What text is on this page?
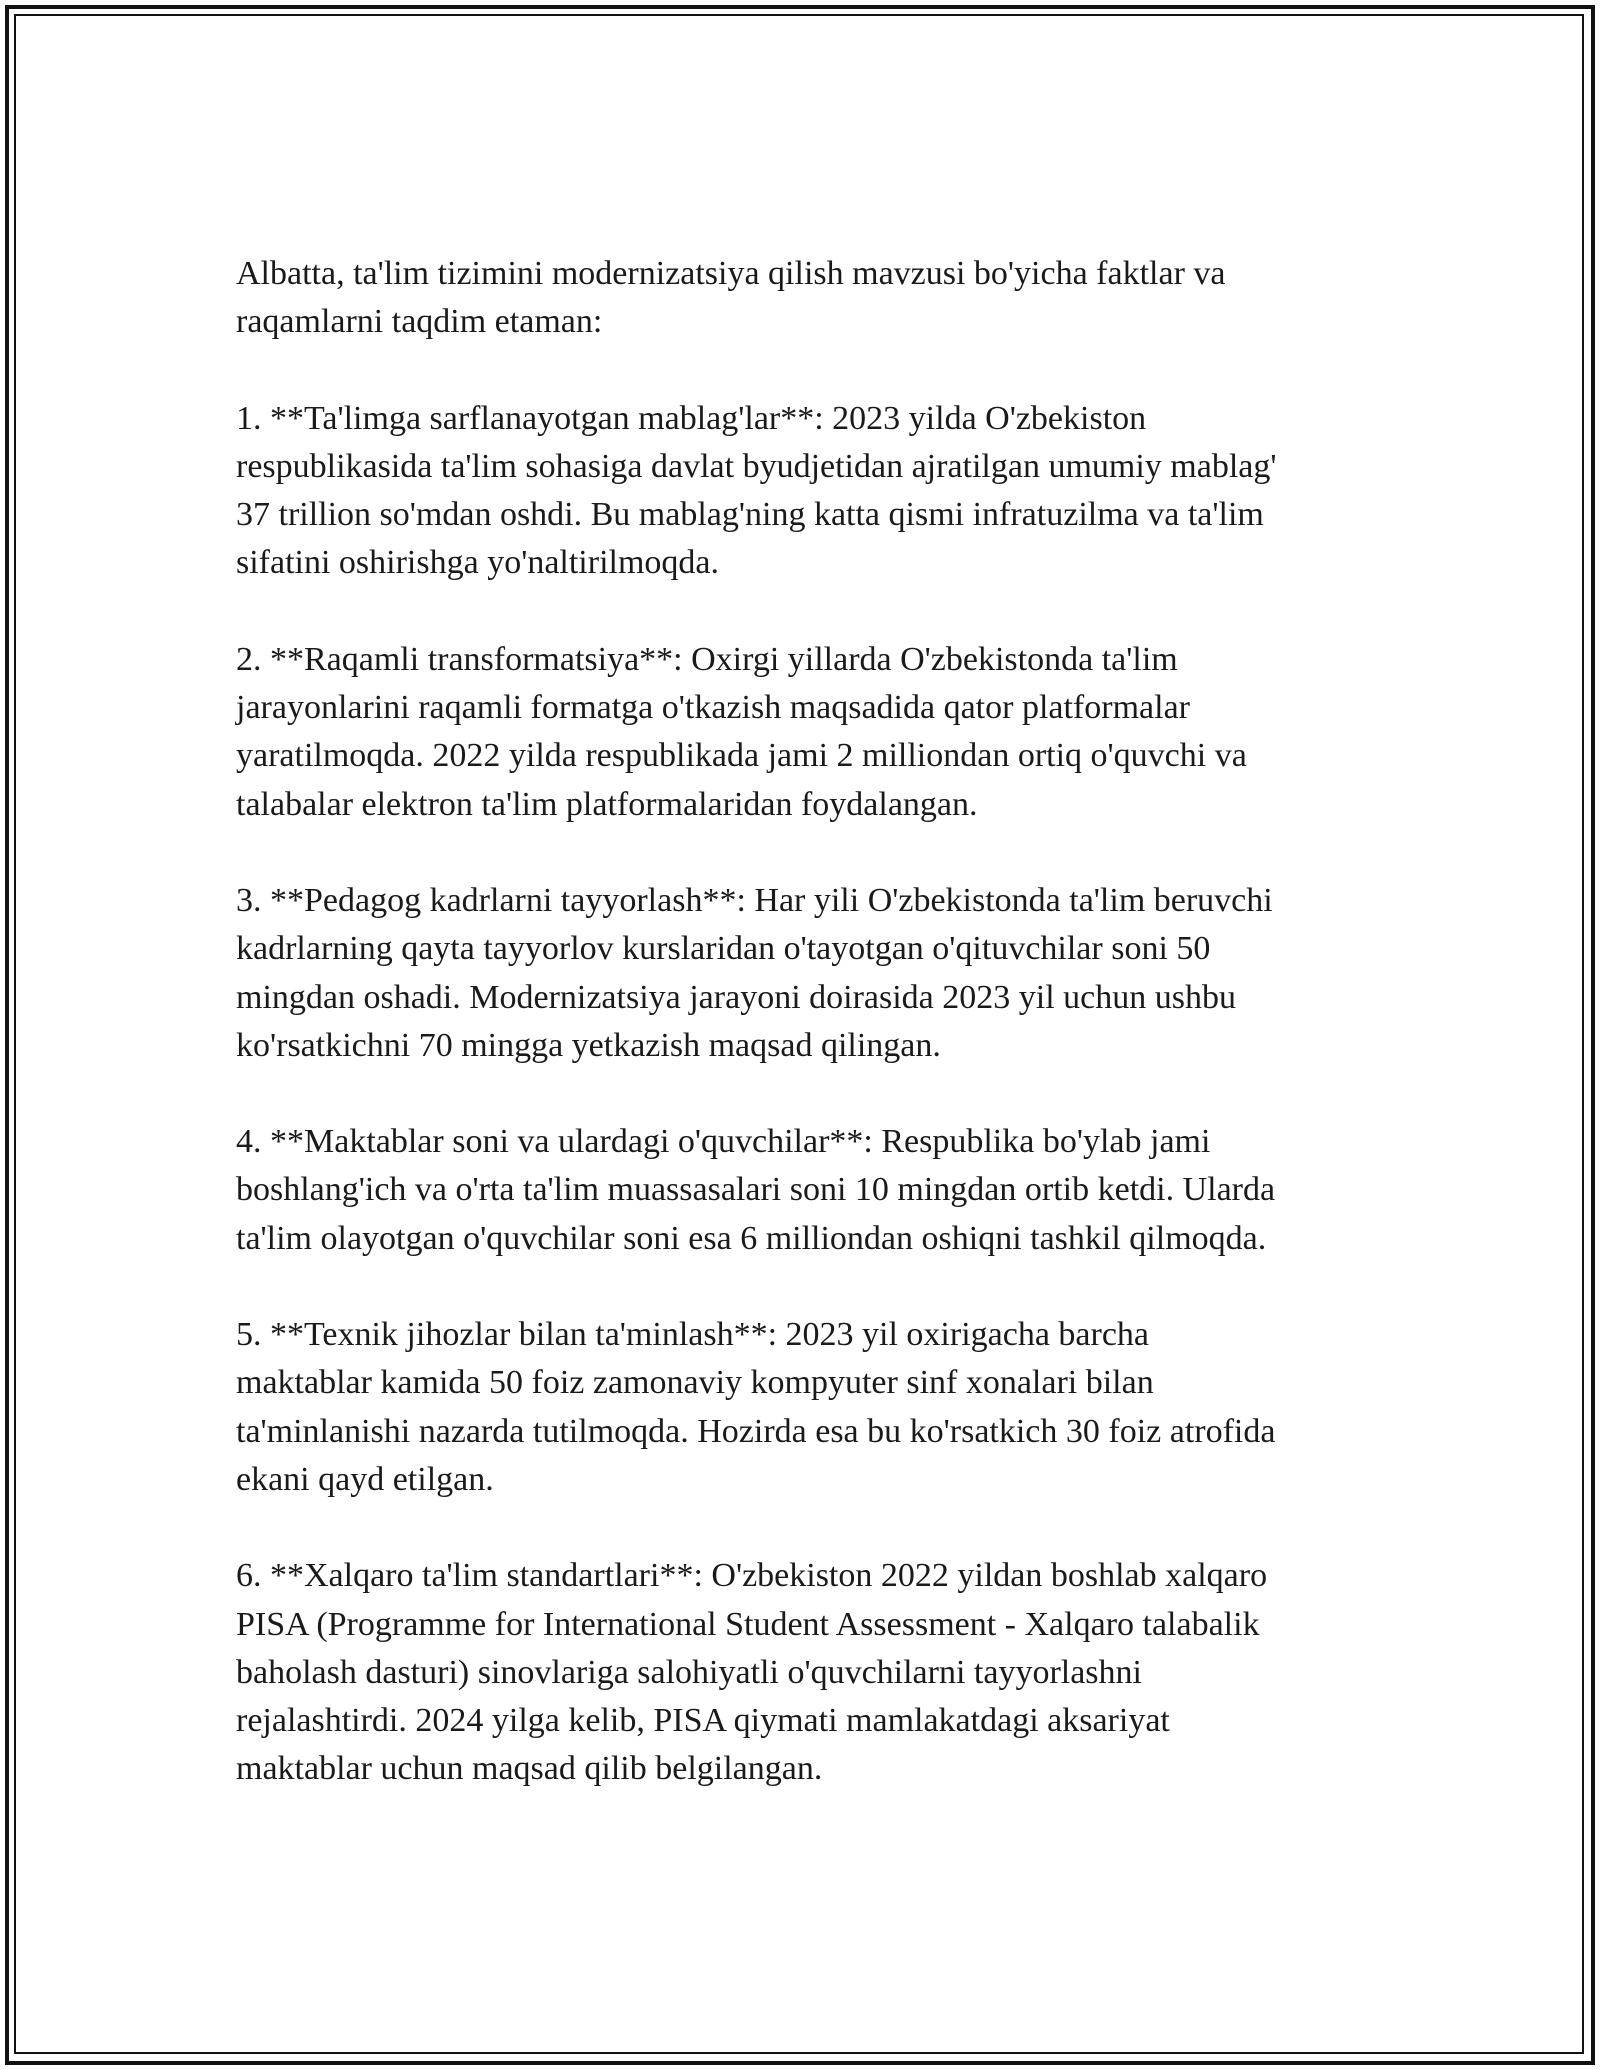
Albatta, ta'lim tizimini modernizatsiya qilish mavzusi bo'yicha faktlar va
raqamlarni taqdim etaman:

1. **Ta'limga sarflanayotgan mablag'lar**: 2023 yilda O'zbekiston
respublikasida ta'lim sohasiga davlat byudjetidan ajratilgan umumiy mablag'
37 trillion so'mdan oshdi. Bu mablag'ning katta qismi infratuzilma va ta'lim
sifatini oshirishga yo'naltirilmoqda.

2. **Raqamli transformatsiya**: Oxirgi yillarda O'zbekistonda ta'lim
jarayonlarini raqamli formatga o'tkazish maqsadida qator platformalar
yaratilmoqda. 2022 yilda respublikada jami 2 milliondan ortiq o'quvchi va
talabalar elektron ta'lim platformalaridan foydalangan.

3. **Pedagog kadrlarni tayyorlash**: Har yili O'zbekistonda ta'lim beruvchi
kadrlarning qayta tayyorlov kurslaridan o'tayotgan o'qituvchilar soni 50
mingdan oshadi. Modernizatsiya jarayoni doirasida 2023 yil uchun ushbu
ko'rsatkichni 70 mingga yetkazish maqsad qilingan.

4. **Maktablar soni va ulardagi o'quvchilar**: Respublika bo'ylab jami
boshlang'ich va o'rta ta'lim muassasalari soni 10 mingdan ortib ketdi. Ularda
ta'lim olayotgan o'quvchilar soni esa 6 milliondan oshiqni tashkil qilmoqda.

5. **Texnik jihozlar bilan ta'minlash**: 2023 yil oxirigacha barcha
maktablar kamida 50 foiz zamonaviy kompyuter sinf xonalari bilan
ta'minlanishi nazarda tutilmoqda. Hozirda esa bu ko'rsatkich 30 foiz atrofida
ekani qayd etilgan.

6. **Xalqaro ta'lim standartlari**: O'zbekiston 2022 yildan boshlab xalqaro
PISA (Programme for International Student Assessment - Xalqaro talabalik
baholash dasturi) sinovlariga salohiyatli o'quvchilarni tayyorlashni
rejalashtirdi. 2024 yilga kelib, PISA qiymati mamlakatdagi aksariyat
maktablar uchun maqsad qilib belgilangan.
